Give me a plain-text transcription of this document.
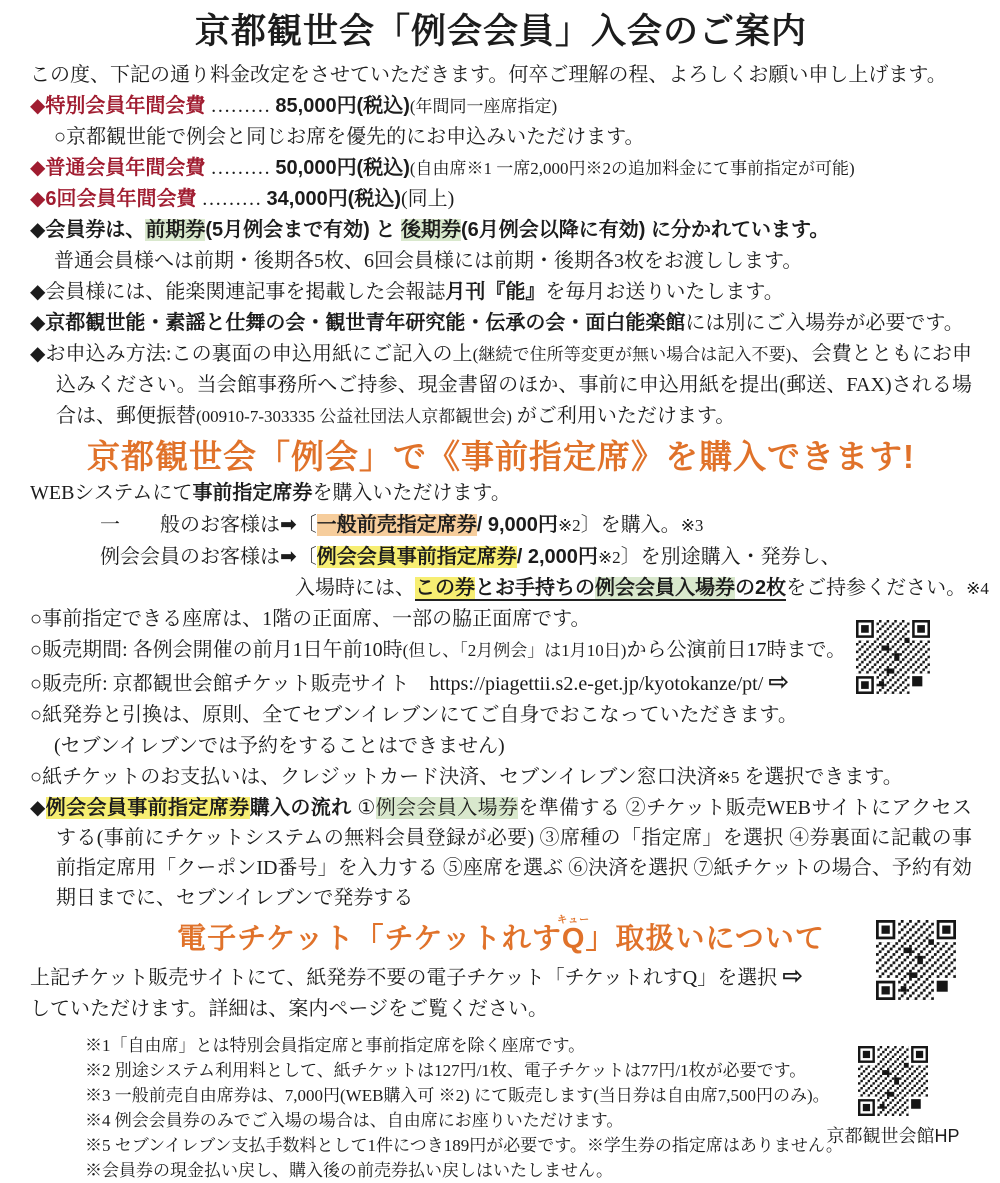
京都観世会「例会会員」入会のご案内
この度、下記の通り料金改定をさせていただきます。何卒ご理解の程、よろしくお願い申し上げます。
◆特別会員年間会費 ……… 85,000円(税込)(年間同一座席指定)
○京都観世能で例会と同じお席を優先的にお申込みいただけます。
◆普通会員年間会費 ……… 50,000円(税込)(自由席※1 一席2,000円※2の追加料金にて事前指定が可能)
◆6回会員年間会費 ……… 34,000円(税込)(同上)
◆会員券は、前期券(5月例会まで有効) と 後期券(6月例会以降に有効) に分かれています。
普通会員様へは前期・後期各5枚、6回会員様には前期・後期各3枚をお渡しします。
◆会員様には、能楽関連記事を掲載した会報誌月刊『能』を毎月お送りいたします。
◆京都観世能・素謡と仕舞の会・観世青年研究能・伝承の会・面白能楽館には別にご入場券が必要です。
◆お申込み方法:この裏面の申込用紙にご記入の上(継続で住所等変更が無い場合は記入不要)、会費とともにお申込みください。当会館事務所へご持参、現金書留のほか、事前に申込用紙を提出(郵送、FAX)される場合は、郵便振替(00910-7-303335 公益社団法人京都観世会) がご利用いただけます。
京都観世会「例会」で《事前指定席》を購入できます!
WEBシステムにて事前指定席券を購入いただけます。
一　　般のお客様は➡〔一般前売指定席券/ 9,000円※2〕を購入。※3
例会会員のお客様は➡〔例会会員事前指定席券/ 2,000円※2〕を別途購入・発券し、
入場時には、この券とお手持ちの例会会員入場券の2枚をご持参ください。※4
○事前指定できる座席は、1階の正面席、一部の脇正面席です。
○販売期間: 各例会開催の前月1日午前10時(但し、「2月例会」は1月10日)から公演前日17時まで。
○販売所: 京都観世会館チケット販売サイト　https://piagettii.s2.e-get.jp/kyotokanze/pt/ ⇨
○紙発券と引換は、原則、全てセブンイレブンにてご自身でおこなっていただきます。
(セブンイレブンでは予約をすることはできません)
○紙チケットのお支払いは、クレジットカード決済、セブンイレブン窓口決済※5 を選択できます。
◆例会会員事前指定席券購入の流れ ①例会会員入場券を準備する ②チケット販売WEBサイトにアクセスする(事前にチケットシステムの無料会員登録が必要) ③席種の「指定席」を選択 ④券裏面に記載の事前指定席用「クーポンID番号」を入力する ⑤座席を選ぶ ⑥決済を選択 ⑦紙チケットの場合、予約有効期日までに、セブンイレブンで発券する
電子チケット「チケットれすQキュー」取扱いについて
上記チケット販売サイトにて、紙発券不要の電子チケット「チケットれすQ」を選択 ⇨
していただけます。詳細は、案内ページをご覧ください。
※1「自由席」とは特別会員指定席と事前指定席を除く座席です。
※2 別途システム利用料として、紙チケットは127円/1枚、電子チケットは77円/1枚が必要です。
※3 一般前売自由席券は、7,000円(WEB購入可 ※2) にて販売します(当日券は自由席7,500円のみ)。
※4 例会会員券のみでご入場の場合は、自由席にお座りいただけます。
※5 セブンイレブン支払手数料として1件につき189円が必要です。※学生券の指定席はありません。
※会員券の現金払い戻し、購入後の前売券払い戻しはいたしません。
京都観世会館HP
